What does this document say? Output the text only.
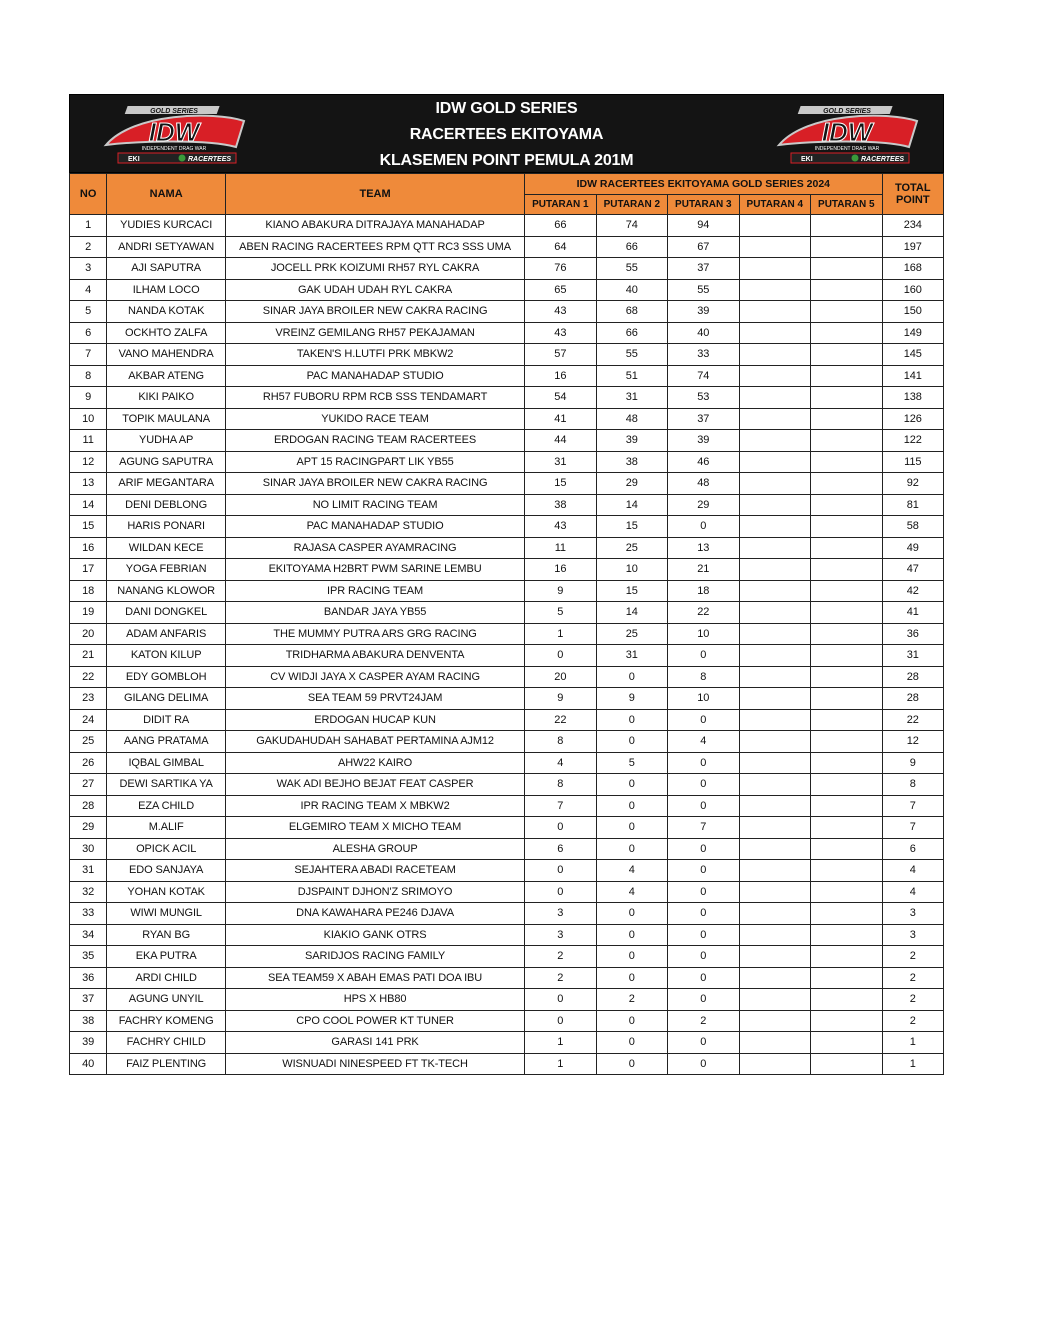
GOLD SERIES
IDW
INDEPENDENT DRAG WAR
EKI	RACERTEES
IDW GOLD SERIES
RACERTEES EKITOYAMA
KLASEMEN POINT PEMULA 201M
GOLD SERIES
IDW
INDEPENDENT DRAG WAR
EKI	RACERTEES
NO	NAMA	TEAM	IDW RACERTEES EKITOYAMA GOLD SERIES 2024					TOTAL
POINT

			PUTARAN 1	PUTARAN 2	PUTARAN 3	PUTARAN 4	PUTARAN 5	
1	YUDIES KURCACI	KIANO ABAKURA DITRAJAYA MANAHADAP	66	74	94			234
2	ANDRI SETYAWAN	ABEN RACING RACERTEES RPM QTT RC3 SSS UMA	64	66	67			197
3	AJI SAPUTRA	JOCELL PRK KOIZUMI RH57 RYL CAKRA	76	55	37			168
4	ILHAM LOCO	GAK UDAH UDAH RYL CAKRA	65	40	55			160
5	NANDA KOTAK	SINAR JAYA BROILER NEW CAKRA RACING	43	68	39			150
6	OCKHTO ZALFA	VREINZ GEMILANG RH57 PEKAJAMAN	43	66	40			149
7	VANO MAHENDRA	TAKEN'S H.LUTFI PRK MBKW2	57	55	33			145
8	AKBAR ATENG	PAC MANAHADAP STUDIO	16	51	74			141
9	KIKI PAIKO	RH57 FUBORU RPM RCB SSS TENDAMART	54	31	53			138
10	TOPIK MAULANA	YUKIDO RACE TEAM	41	48	37			126
11	YUDHA AP	ERDOGAN RACING TEAM RACERTEES	44	39	39			122
12	AGUNG SAPUTRA	APT 15 RACINGPART LIK YB55	31	38	46			115
13	ARIF MEGANTARA	SINAR JAYA BROILER NEW CAKRA RACING	15	29	48			92
14	DENI DEBLONG	NO LIMIT RACING TEAM	38	14	29			81
15	HARIS PONARI	PAC MANAHADAP STUDIO	43	15	0			58
16	WILDAN KECE	RAJASA CASPER AYAMRACING	11	25	13			49
17	YOGA FEBRIAN	EKITOYAMA H2BRT PWM SARINE LEMBU	16	10	21			47
18	NANANG KLOWOR	IPR RACING TEAM	9	15	18			42
19	DANI DONGKEL	BANDAR JAYA YB55	5	14	22			41
20	ADAM ANFARIS	THE MUMMY PUTRA ARS GRG RACING	1	25	10			36
21	KATON KILUP	TRIDHARMA ABAKURA DENVENTA	0	31	0			31
22	EDY GOMBLOH	CV WIDJI JAYA X CASPER AYAM RACING	20	0	8			28
23	GILANG DELIMA	SEA TEAM 59 PRVT24JAM	9	9	10			28
24	DIDIT RA	ERDOGAN HUCAP KUN	22	0	0			22
25	AANG PRATAMA	GAKUDAHUDAH SAHABAT PERTAMINA AJM12	8	0	4			12
26	IQBAL GIMBAL	AHW22 KAIRO	4	5	0			9
27	DEWI SARTIKA YA	WAK ADI BEJHO BEJAT FEAT CASPER	8	0	0			8
28	EZA CHILD	IPR RACING TEAM X MBKW2	7	0	0			7
29	M.ALIF	ELGEMIRO TEAM X MICHO TEAM	0	0	7			7
30	OPICK ACIL	ALESHA GROUP	6	0	0			6
31	EDO SANJAYA	SEJAHTERA ABADI RACETEAM	0	4	0			4
32	YOHAN KOTAK	DJSPAINT DJHON'Z SRIMOYO	0	4	0			4
33	WIWI MUNGIL	DNA KAWAHARA PE246 DJAVA	3	0	0			3
34	RYAN BG	KIAKIO GANK OTRS	3	0	0			3
35	EKA PUTRA	SARIDJOS RACING FAMILY	2	0	0			2
36	ARDI CHILD	SEA TEAM59 X ABAH EMAS PATI DOA IBU	2	0	0			2
37	AGUNG UNYIL	HPS X HB80	0	2	0			2
38	FACHRY KOMENG	CPO COOL POWER KT TUNER	0	0	2			2
39	FACHRY CHILD	GARASI 141 PRK	1	0	0			1
40	FAIZ PLENTING	WISNUADI NINESPEED FT TK-TECH	1	0	0			1
